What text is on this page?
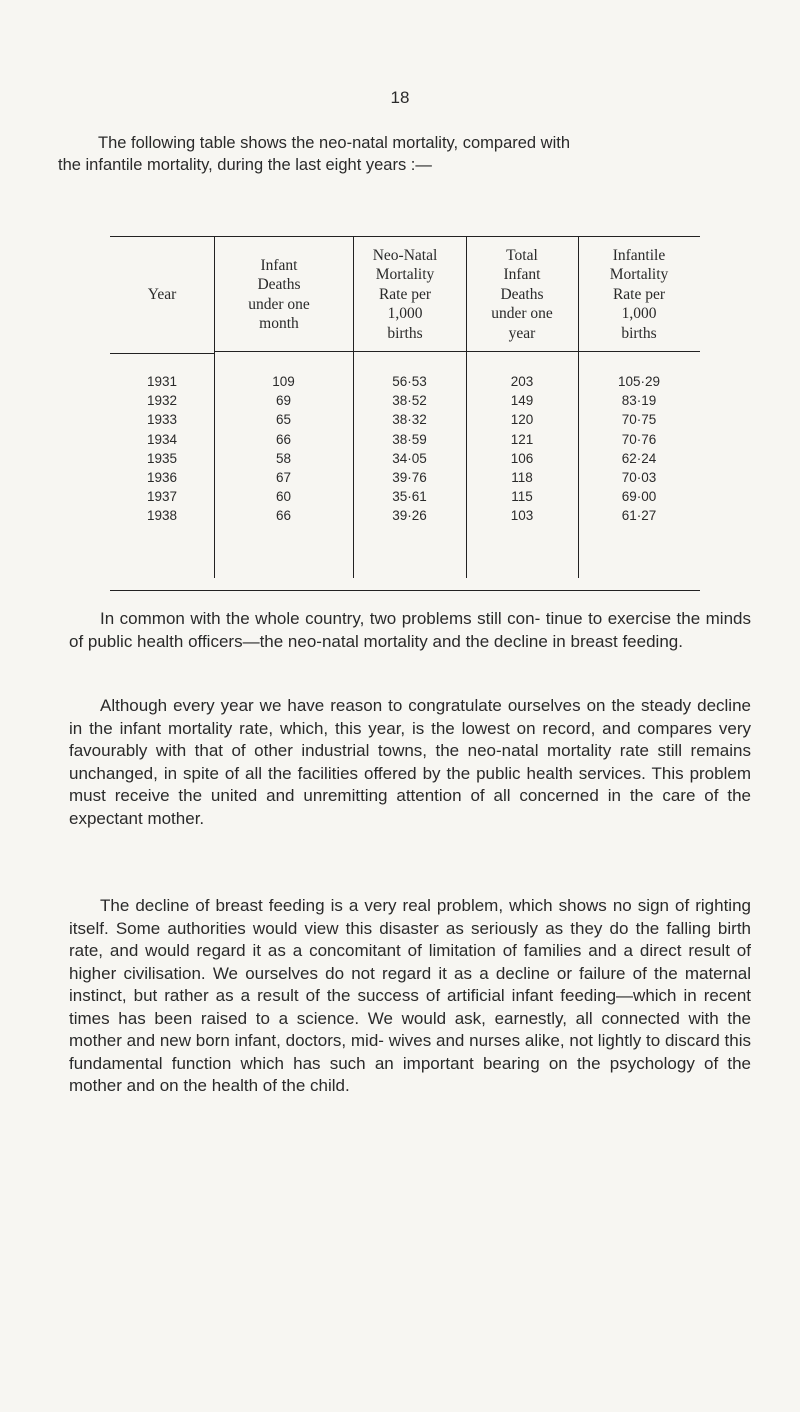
18
The following table shows the neo-natal mortality, compared with
the infantile mortality, during the last eight years :—
Year
Infant
Deaths
under one
month
Neo-Natal
Mortality
Rate per
1,000
births
Total
Infant
Deaths
under one
year
Infantile
Mortality
Rate per
1,000
births
1931
1932
1933
1934
1935
1936
1937
1938
109
69
65
66
58
67
60
66
56·53
38·52
38·32
38·59
34·05
39·76
35·61
39·26
203
149
120
121
106
118
115
103
105·29
83·19
70·75
70·76
62·24
70·03
69·00
61·27

In common with the whole country, two problems still con- tinue to exercise the minds of public health officers—the neo-natal mortality and the decline in breast feeding.

Although every year we have reason to congratulate ourselves on the steady decline in the infant mortality rate, which, this year, is the lowest on record, and compares very favourably with that of other industrial towns, the neo-natal mortality rate still remains unchanged, in spite of all the facilities offered by the public health services. This problem must receive the united and unremitting attention of all concerned in the care of the expectant mother.

The decline of breast feeding is a very real problem, which shows no sign of righting itself. Some authorities would view this disaster as seriously as they do the falling birth rate, and would regard it as a concomitant of limitation of families and a direct result of higher civilisation. We ourselves do not regard it as a decline or failure of the maternal instinct, but rather as a result of the success of artificial infant feeding—which in recent times has been raised to a science. We would ask, earnestly, all connected with the mother and new born infant, doctors, mid- wives and nurses alike, not lightly to discard this fundamental function which has such an important bearing on the psychology of the mother and on the health of the child.
